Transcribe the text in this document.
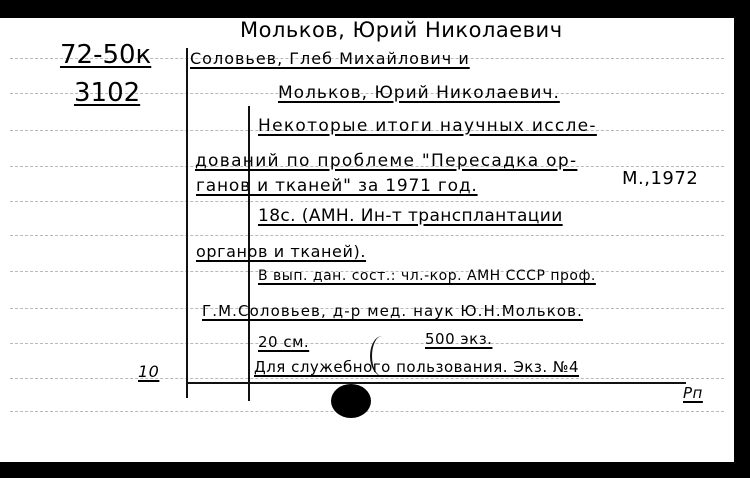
Мольков, Юрий Николаевич
72-50к
3102
Соловьев, Глеб Михайлович и
Мольков, Юрий Николаевич.
Некоторые итоги научных иссле-
дований по проблеме "Пересадка ор-
ганов и тканей" за 1971 год.	М.,1972
18с. (АМН. Ин-т трансплантации
органов и тканей).
В вып. дан. сост.: чл.-кор. АМН СССР проф.
Г.М.Соловьев, д-р мед. наук Ю.Н.Мольков.
20 см.	500 экз.
Для служебного пользования. Экз. №4
10
Рп
